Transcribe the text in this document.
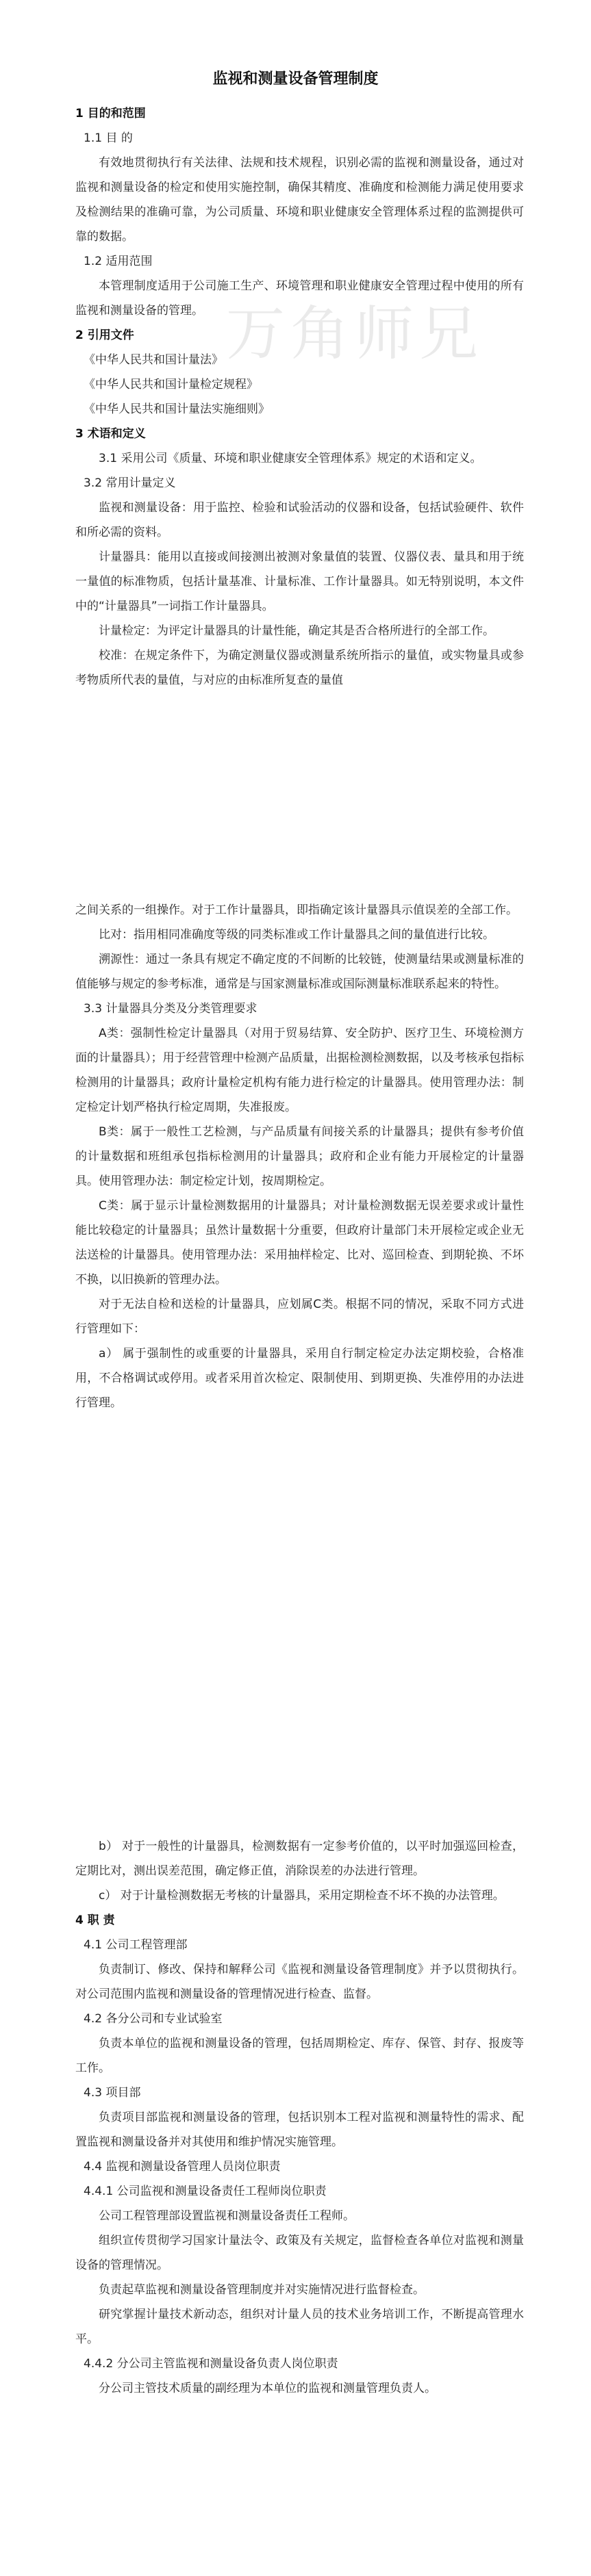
监视和测量设备管理制度
万角师兄
1 目的和范围
1.1 目 的

有效地贯彻执行有关法律、法规和技术规程，识别必需的监视和测量设备，通过对监视和测量设备的检定和使用实施控制，确保其精度、准确度和检测能力满足使用要求及检测结果的准确可靠，为公司质量、环境和职业健康安全管理体系过程的监测提供可靠的数据。

1.2 适用范围

本管理制度适用于公司施工生产、环境管理和职业健康安全管理过程中使用的所有监视和测量设备的管理。

2 引用文件
《中华人民共和国计量法》
《中华人民共和国计量检定规程》
《中华人民共和国计量法实施细则》
3 术语和定义

3.1 采用公司《质量、环境和职业健康安全管理体系》规定的术语和定义。

3.2 常用计量定义

监视和测量设备：用于监控、检验和试验活动的仪器和设备，包括试验硬件、软件和所必需的资料。

计量器具：能用以直接或间接测出被测对象量值的装置、仪器仪表、量具和用于统一量值的标准物质，包括计量基准、计量标准、工作计量器具。如无特别说明，本文件中的“计量器具”一词指工作计量器具。

计量检定：为评定计量器具的计量性能，确定其是否合格所进行的全部工作。

校准：在规定条件下，为确定测量仪器或测量系统所指示的量值，或实物量具或参考物质所代表的量值，与对应的由标准所复查的量值

之间关系的一组操作。对于工作计量器具，即指确定该计量器具示值误差的全部工作。

比对：指用相同准确度等级的同类标准或工作计量器具之间的量值进行比较。

溯源性：通过一条具有规定不确定度的不间断的比较链，使测量结果或测量标准的值能够与规定的参考标准，通常是与国家测量标准或国际测量标准联系起来的特性。

3.3 计量器具分类及分类管理要求

A类：强制性检定计量器具（对用于贸易结算、安全防护、医疗卫生、环境检测方面的计量器具）；用于经营管理中检测产品质量，出据检测检测数据，以及考核承包指标检测用的计量器具；政府计量检定机构有能力进行检定的计量器具。使用管理办法：制定检定计划严格执行检定周期，失准报废。

B类：属于一般性工艺检测，与产品质量有间接关系的计量器具；提供有参考价值的计量数据和班组承包指标检测用的计量器具；政府和企业有能力开展检定的计量器具。使用管理办法：制定检定计划，按周期检定。

C类：属于显示计量检测数据用的计量器具；对计量检测数据无误差要求或计量性能比较稳定的计量器具；虽然计量数据十分重要，但政府计量部门未开展检定或企业无法送检的计量器具。使用管理办法：采用抽样检定、比对、巡回检查、到期轮换、不坏不换，以旧换新的管理办法。

对于无法自检和送检的计量器具，应划属C类。根据不同的情况，采取不同方式进行管理如下：

a） 属于强制性的或重要的计量器具，采用自行制定检定办法定期校验，合格准用，不合格调试或停用。或者采用首次检定、限制使用、到期更换、失准停用的办法进行管理。

b） 对于一般性的计量器具，检测数据有一定参考价值的，以平时加强巡回检查，定期比对，测出误差范围，确定修正值，消除误差的办法进行管理。

c） 对于计量检测数据无考核的计量器具，采用定期检查不坏不换的办法管理。

4 职 责
4.1 公司工程管理部

负责制订、修改、保持和解释公司《监视和测量设备管理制度》并予以贯彻执行。对公司范围内监视和测量设备的管理情况进行检查、监督。

4.2 各分公司和专业试验室

负责本单位的监视和测量设备的管理，包括周期检定、库存、保管、封存、报废等工作。

4.3 项目部

负责项目部监视和测量设备的管理，包括识别本工程对监视和测量特性的需求、配置监视和测量设备并对其使用和维护情况实施管理。

4.4 监视和测量设备管理人员岗位职责
4.4.1 公司监视和测量设备责任工程师岗位职责

公司工程管理部设置监视和测量设备责任工程师。

组织宣传贯彻学习国家计量法令、政策及有关规定，监督检查各单位对监视和测量设备的管理情况。

负责起草监视和测量设备管理制度并对实施情况进行监督检查。

研究掌握计量技术新动态，组织对计量人员的技术业务培训工作，不断提高管理水平。

4.4.2 分公司主管监视和测量设备负责人岗位职责

分公司主管技术质量的副经理为本单位的监视和测量管理负责人。
